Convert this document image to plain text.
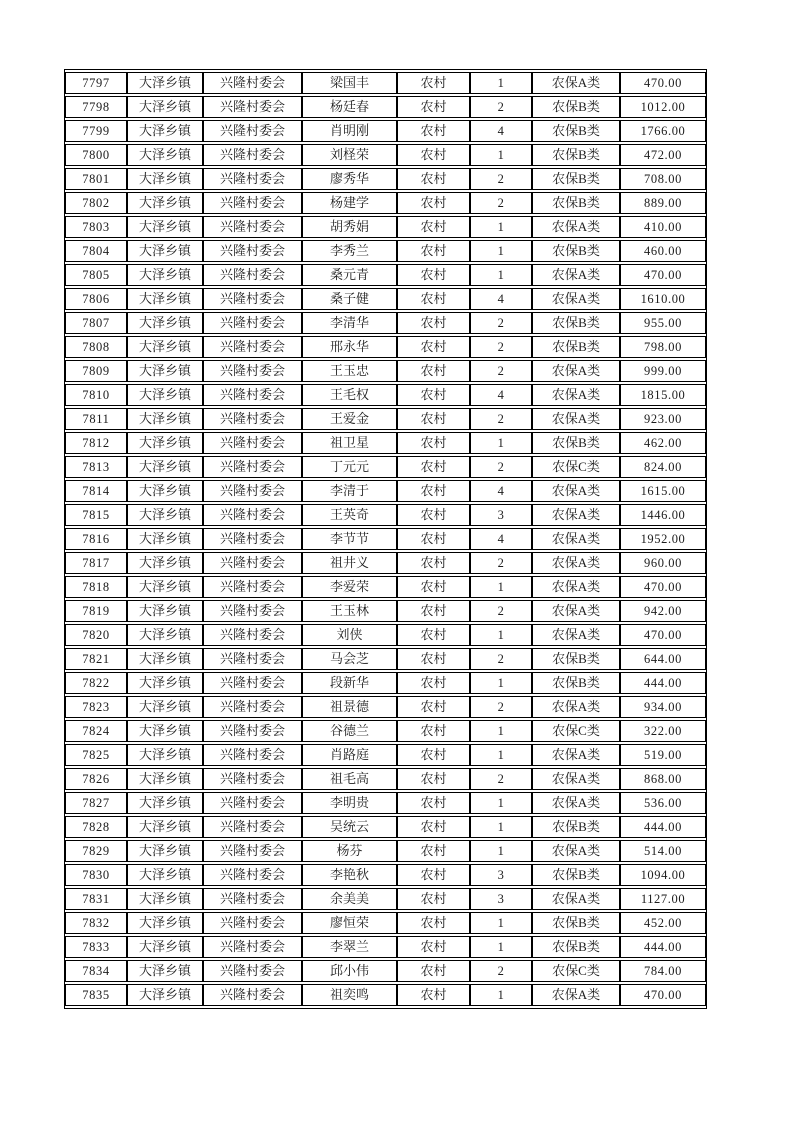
7797	大泽乡镇	兴隆村委会	梁国丰	农村	1	农保A类	470.00
7798	大泽乡镇	兴隆村委会	杨廷春	农村	2	农保B类	1012.00
7799	大泽乡镇	兴隆村委会	肖明刚	农村	4	农保B类	1766.00
7800	大泽乡镇	兴隆村委会	刘柽荣	农村	1	农保B类	472.00
7801	大泽乡镇	兴隆村委会	廖秀华	农村	2	农保B类	708.00
7802	大泽乡镇	兴隆村委会	杨建学	农村	2	农保B类	889.00
7803	大泽乡镇	兴隆村委会	胡秀娟	农村	1	农保A类	410.00
7804	大泽乡镇	兴隆村委会	李秀兰	农村	1	农保B类	460.00
7805	大泽乡镇	兴隆村委会	桑元青	农村	1	农保A类	470.00
7806	大泽乡镇	兴隆村委会	桑子健	农村	4	农保A类	1610.00
7807	大泽乡镇	兴隆村委会	李清华	农村	2	农保B类	955.00
7808	大泽乡镇	兴隆村委会	邢永华	农村	2	农保B类	798.00
7809	大泽乡镇	兴隆村委会	王玉忠	农村	2	农保A类	999.00
7810	大泽乡镇	兴隆村委会	王毛权	农村	4	农保A类	1815.00
7811	大泽乡镇	兴隆村委会	王爱金	农村	2	农保A类	923.00
7812	大泽乡镇	兴隆村委会	祖卫星	农村	1	农保B类	462.00
7813	大泽乡镇	兴隆村委会	丁元元	农村	2	农保C类	824.00
7814	大泽乡镇	兴隆村委会	李清于	农村	4	农保A类	1615.00
7815	大泽乡镇	兴隆村委会	王英奇	农村	3	农保A类	1446.00
7816	大泽乡镇	兴隆村委会	李节节	农村	4	农保A类	1952.00
7817	大泽乡镇	兴隆村委会	祖井义	农村	2	农保A类	960.00
7818	大泽乡镇	兴隆村委会	李爱荣	农村	1	农保A类	470.00
7819	大泽乡镇	兴隆村委会	王玉林	农村	2	农保A类	942.00
7820	大泽乡镇	兴隆村委会	刘侠	农村	1	农保A类	470.00
7821	大泽乡镇	兴隆村委会	马会芝	农村	2	农保B类	644.00
7822	大泽乡镇	兴隆村委会	段新华	农村	1	农保B类	444.00
7823	大泽乡镇	兴隆村委会	祖景德	农村	2	农保A类	934.00
7824	大泽乡镇	兴隆村委会	谷德兰	农村	1	农保C类	322.00
7825	大泽乡镇	兴隆村委会	肖路庭	农村	1	农保A类	519.00
7826	大泽乡镇	兴隆村委会	祖毛高	农村	2	农保A类	868.00
7827	大泽乡镇	兴隆村委会	李明贵	农村	1	农保A类	536.00
7828	大泽乡镇	兴隆村委会	吴统云	农村	1	农保B类	444.00
7829	大泽乡镇	兴隆村委会	杨芬	农村	1	农保A类	514.00
7830	大泽乡镇	兴隆村委会	李艳秋	农村	3	农保B类	1094.00
7831	大泽乡镇	兴隆村委会	余美美	农村	3	农保A类	1127.00
7832	大泽乡镇	兴隆村委会	廖恒荣	农村	1	农保B类	452.00
7833	大泽乡镇	兴隆村委会	李翠兰	农村	1	农保B类	444.00
7834	大泽乡镇	兴隆村委会	邱小伟	农村	2	农保C类	784.00
7835	大泽乡镇	兴隆村委会	祖奕鸣	农村	1	农保A类	470.00
